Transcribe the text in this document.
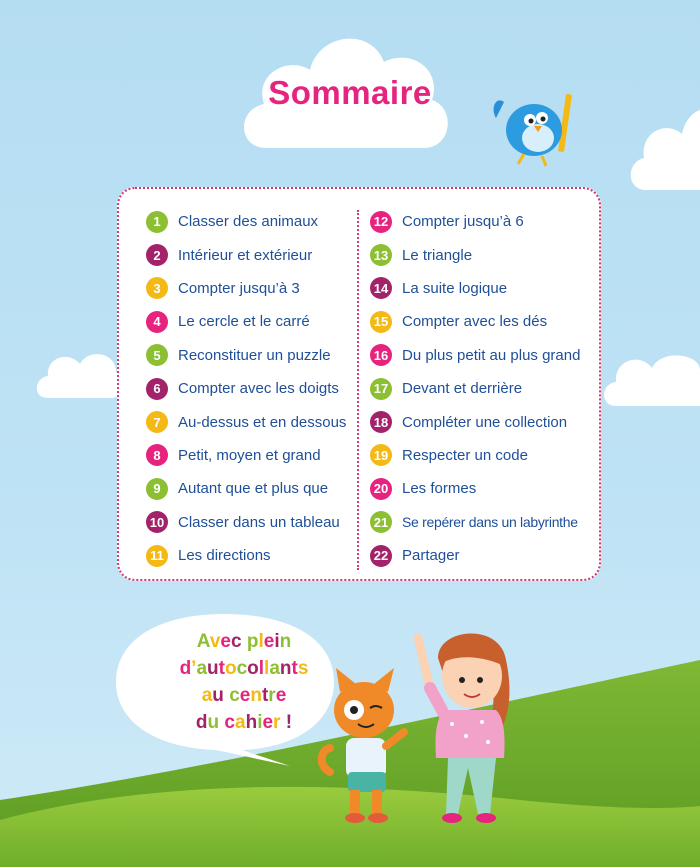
Sommaire
1	Classer des animaux
2	Intérieur et extérieur
3	Compter jusqu’à 3
4	Le cercle et le carré
5	Reconstituer un puzzle
6	Compter avec les doigts
7	Au-dessus et en dessous
8	Petit, moyen et grand
9	Autant que et plus que
10 Classer dans un tableau
11 Les directions
12 Compter jusqu’à 6
13 Le triangle
14 La suite logique
15 Compter avec les dés
16 Du plus petit au plus grand
17 Devant et derrière
18 Compléter une collection
19 Respecter un code
20 Les formes
21 Se repérer dans un labyrinthe
22 Partager
Avec plein
d’autocollants
au centre
du cahier !
